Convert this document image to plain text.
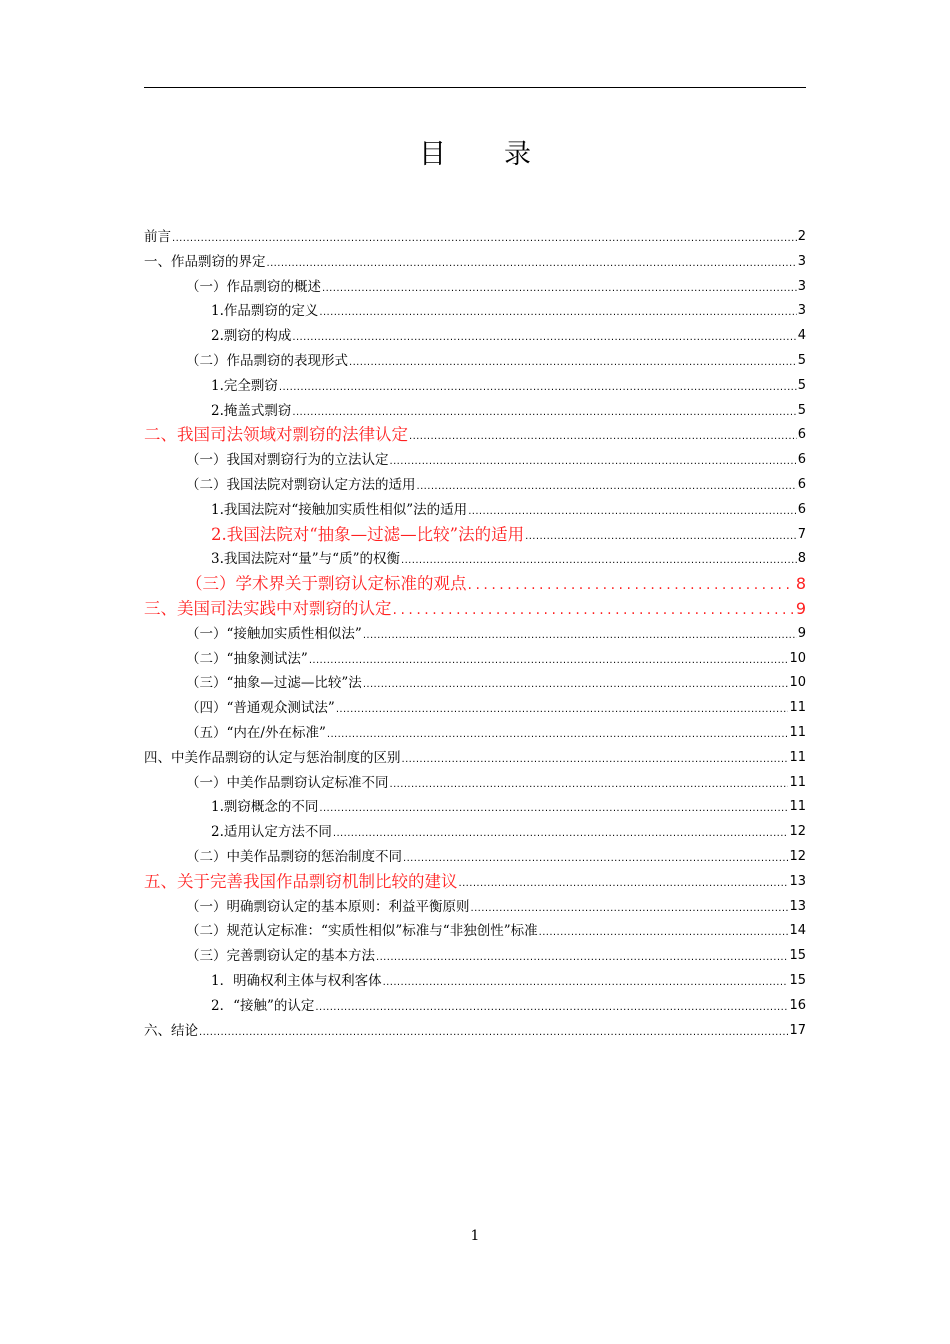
目录
前言 .....	2
一、作品剽窃的界定 .....	3
（一）作品剽窃的概述 .....	3
1.作品剽窃的定义 .....	3
2.剽窃的构成 .....	4
（二）作品剽窃的表现形式 .....	5
1.完全剽窃 .....	5
2.掩盖式剽窃 .....	5
二、我国司法领域对剽窃的法律认定 .....	6
（一）我国对剽窃行为的立法认定 .....	6
（二）我国法院对剽窃认定方法的适用 .....	6
1.我国法院对“接触加实质性相似”法的适用 .....	6
2.我国法院对“抽象—过滤—比较”法的适用 .....	7
3.我国法院对“量”与“质”的权衡 .....	8
（三）学术界关于剽窃认定标准的观点 .....	8
三、美国司法实践中对剽窃的认定 .....	9
（一）“接触加实质性相似法” .....	9
（二）“抽象测试法” .....	10
（三）“抽象—过滤—比较”法 .....	10
（四）“普通观众测试法” .....	11
（五）“内在/外在标准” .....	11
四、中美作品剽窃的认定与惩治制度的区别 .....	11
（一）中美作品剽窃认定标准不同 .....	11
1.剽窃概念的不同 .....	11
2.适用认定方法不同 .....	12
（二）中美作品剽窃的惩治制度不同 .....	12
五、关于完善我国作品剽窃机制比较的建议 .....	13
（一）明确剽窃认定的基本原则：利益平衡原则 .....	13
（二）规范认定标准：“实质性相似”标准与“非独创性”标准 .....	14
（三）完善剽窃认定的基本方法 .....	15
1．明确权利主体与权利客体 .....	15
2．“接触”的认定 .....	16
六、结论 .....	17
1
